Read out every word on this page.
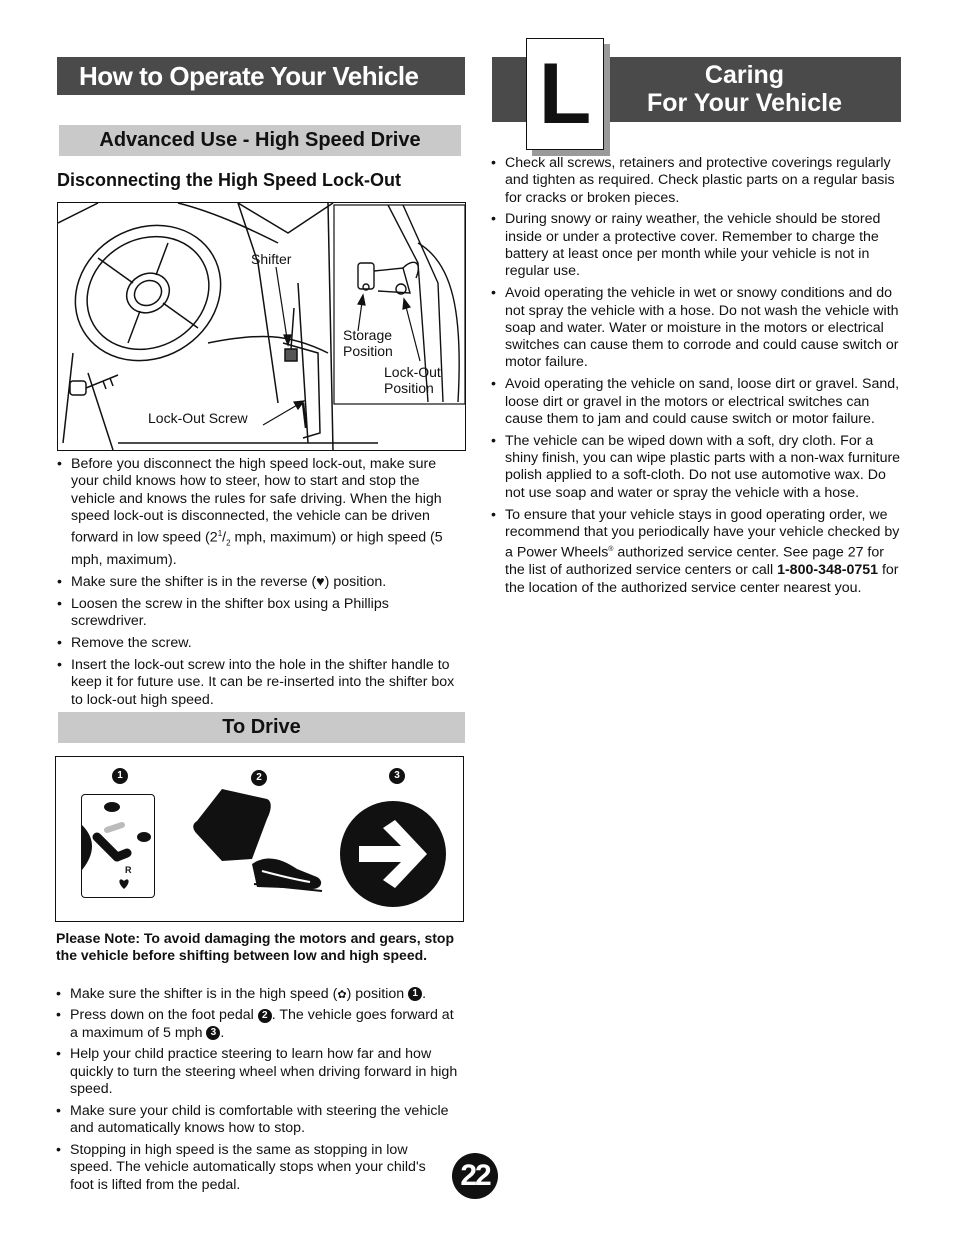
How to Operate Your Vehicle
Advanced Use - High Speed Drive
Disconnecting the High Speed Lock-Out
Shifter
Lock-Out Screw
Storage
Position
Lock-Out
Position
• Before you disconnect the high speed lock-out, make sure your child knows how to steer, how to start and stop the vehicle and knows the rules for safe driving. When the high speed lock-out is disconnected, the vehicle can be driven forward in low speed ($2^1/_2$ mph, maximum) or high speed (5 mph, maximum).
• Make sure the shifter is in the reverse (♥) position.
• Loosen the screw in the shifter box using a Phillips screwdriver.
• Remove the screw.
• Insert the lock-out screw into the hole in the shifter handle to keep it for future use. It can be re-inserted into the shifter box to lock-out high speed.
To Drive
1	2	3
R
Please Note: To avoid damaging the motors and gears, stop the vehicle before shifting between low and high speed.
• Make sure the shifter is in the high speed (✿) position 1 .
• Press down on the foot pedal 2 . The vehicle goes forward at a maximum of 5 mph 3 .
• Help your child practice steering to learn how far and how quickly to turn the steering wheel when driving forward in high speed.
• Make sure your child is comfortable with steering the vehicle and automatically knows how to stop.
• Stopping in high speed is the same as stopping in low speed. The vehicle automatically stops when your child's foot is lifted from the pedal.
L	Caring
For Your Vehicle
• Check all screws, retainers and protective coverings regularly and tighten as required. Check plastic parts on a regular basis for cracks or broken pieces.
• During snowy or rainy weather, the vehicle should be stored inside or under a protective cover. Remember to charge the battery at least once per month while your vehicle is not in regular use.
• Avoid operating the vehicle in wet or snowy conditions and do not spray the vehicle with a hose. Do not wash the vehicle with soap and water. Water or moisture in the motors or electrical switches can cause them to corrode and could cause switch or motor failure.
• Avoid operating the vehicle on sand, loose dirt or gravel. Sand, loose dirt or gravel in the motors or electrical switches can cause them to jam and could cause switch or motor failure.
• The vehicle can be wiped down with a soft, dry cloth. For a shiny finish, you can wipe plastic parts with a non-wax furniture polish applied to a soft-cloth. Do not use automotive wax. Do not use soap and water or spray the vehicle with a hose.
• To ensure that your vehicle stays in good operating order, we recommend that you periodically have your vehicle checked by a Power Wheels® authorized service center. See page 27 for the list of authorized service centers or call 1-800-348-0751 for the location of the authorized service center nearest you.
22
